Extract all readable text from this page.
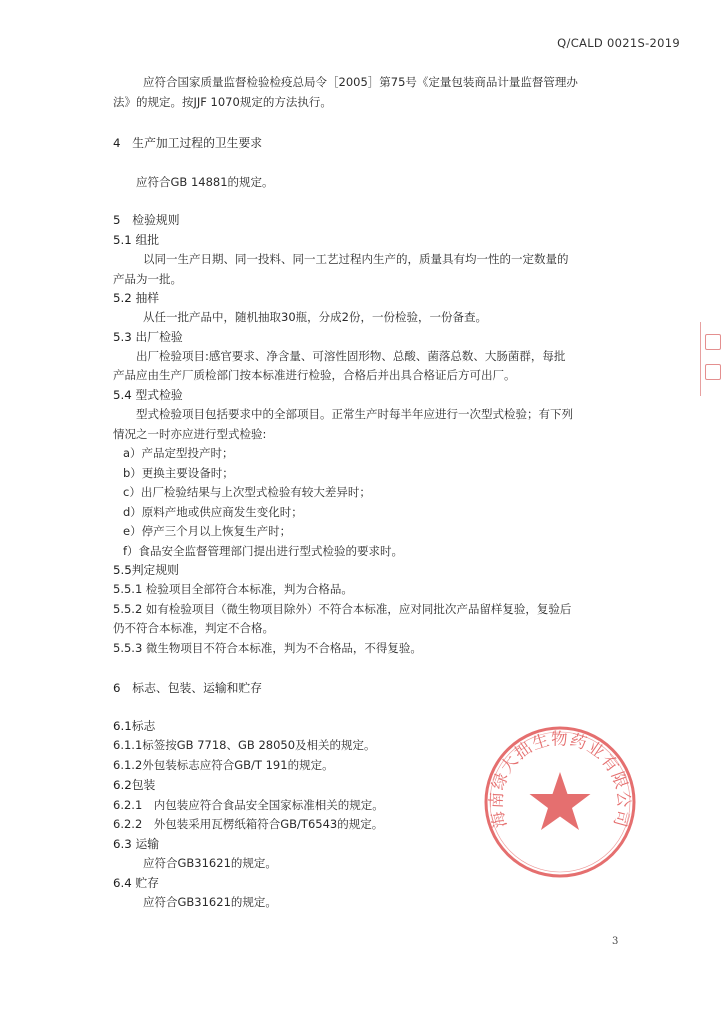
Q/CALD 0021S-2019
应符合国家质量监督检验检疫总局令［2005］第75号《定量包装商品计量监督管理办
法》的规定。按JJF 1070规定的方法执行。
4　生产加工过程的卫生要求
应符合GB 14881的规定。
5　检验规则
5.1 组批
以同一生产日期、同一投料、同一工艺过程内生产的，质量具有均一性的一定数量的
产品为一批。
5.2 抽样
从任一批产品中，随机抽取30瓶，分成2份，一份检验，一份备查。
5.3 出厂检验
出厂检验项目:感官要求、净含量、可溶性固形物、总酸、菌落总数、大肠菌群，每批
产品应由生产厂质检部门按本标准进行检验，合格后并出具合格证后方可出厂。
5.4 型式检验
型式检验项目包括要求中的全部项目。正常生产时每半年应进行一次型式检验；有下列
情况之一时亦应进行型式检验:
a）产品定型投产时；
b）更换主要设备时；
c）出厂检验结果与上次型式检验有较大差异时；
d）原料产地或供应商发生变化时；
e）停产三个月以上恢复生产时；
f）食品安全监督管理部门提出进行型式检验的要求时。
5.5判定规则
5.5.1 检验项目全部符合本标准，判为合格品。
5.5.2 如有检验项目（微生物项目除外）不符合本标准，应对同批次产品留样复验，复验后
仍不符合本标准，判定不合格。
5.5.3 微生物项目不符合本标准，判为不合格品，不得复验。
6　标志、包装、运输和贮存
6.1标志
6.1.1标签按GB 7718、GB 28050及相关的规定。
6.1.2外包装标志应符合GB/T 191的规定。
6.2包装
6.2.1　内包装应符合食品安全国家标准相关的规定。
6.2.2　外包装采用瓦楞纸箱符合GB/T6543的规定。
6.3 运输
应符合GB31621的规定。
6.4 贮存
应符合GB31621的规定。
3
海南绿大拙生物药业有限公司
